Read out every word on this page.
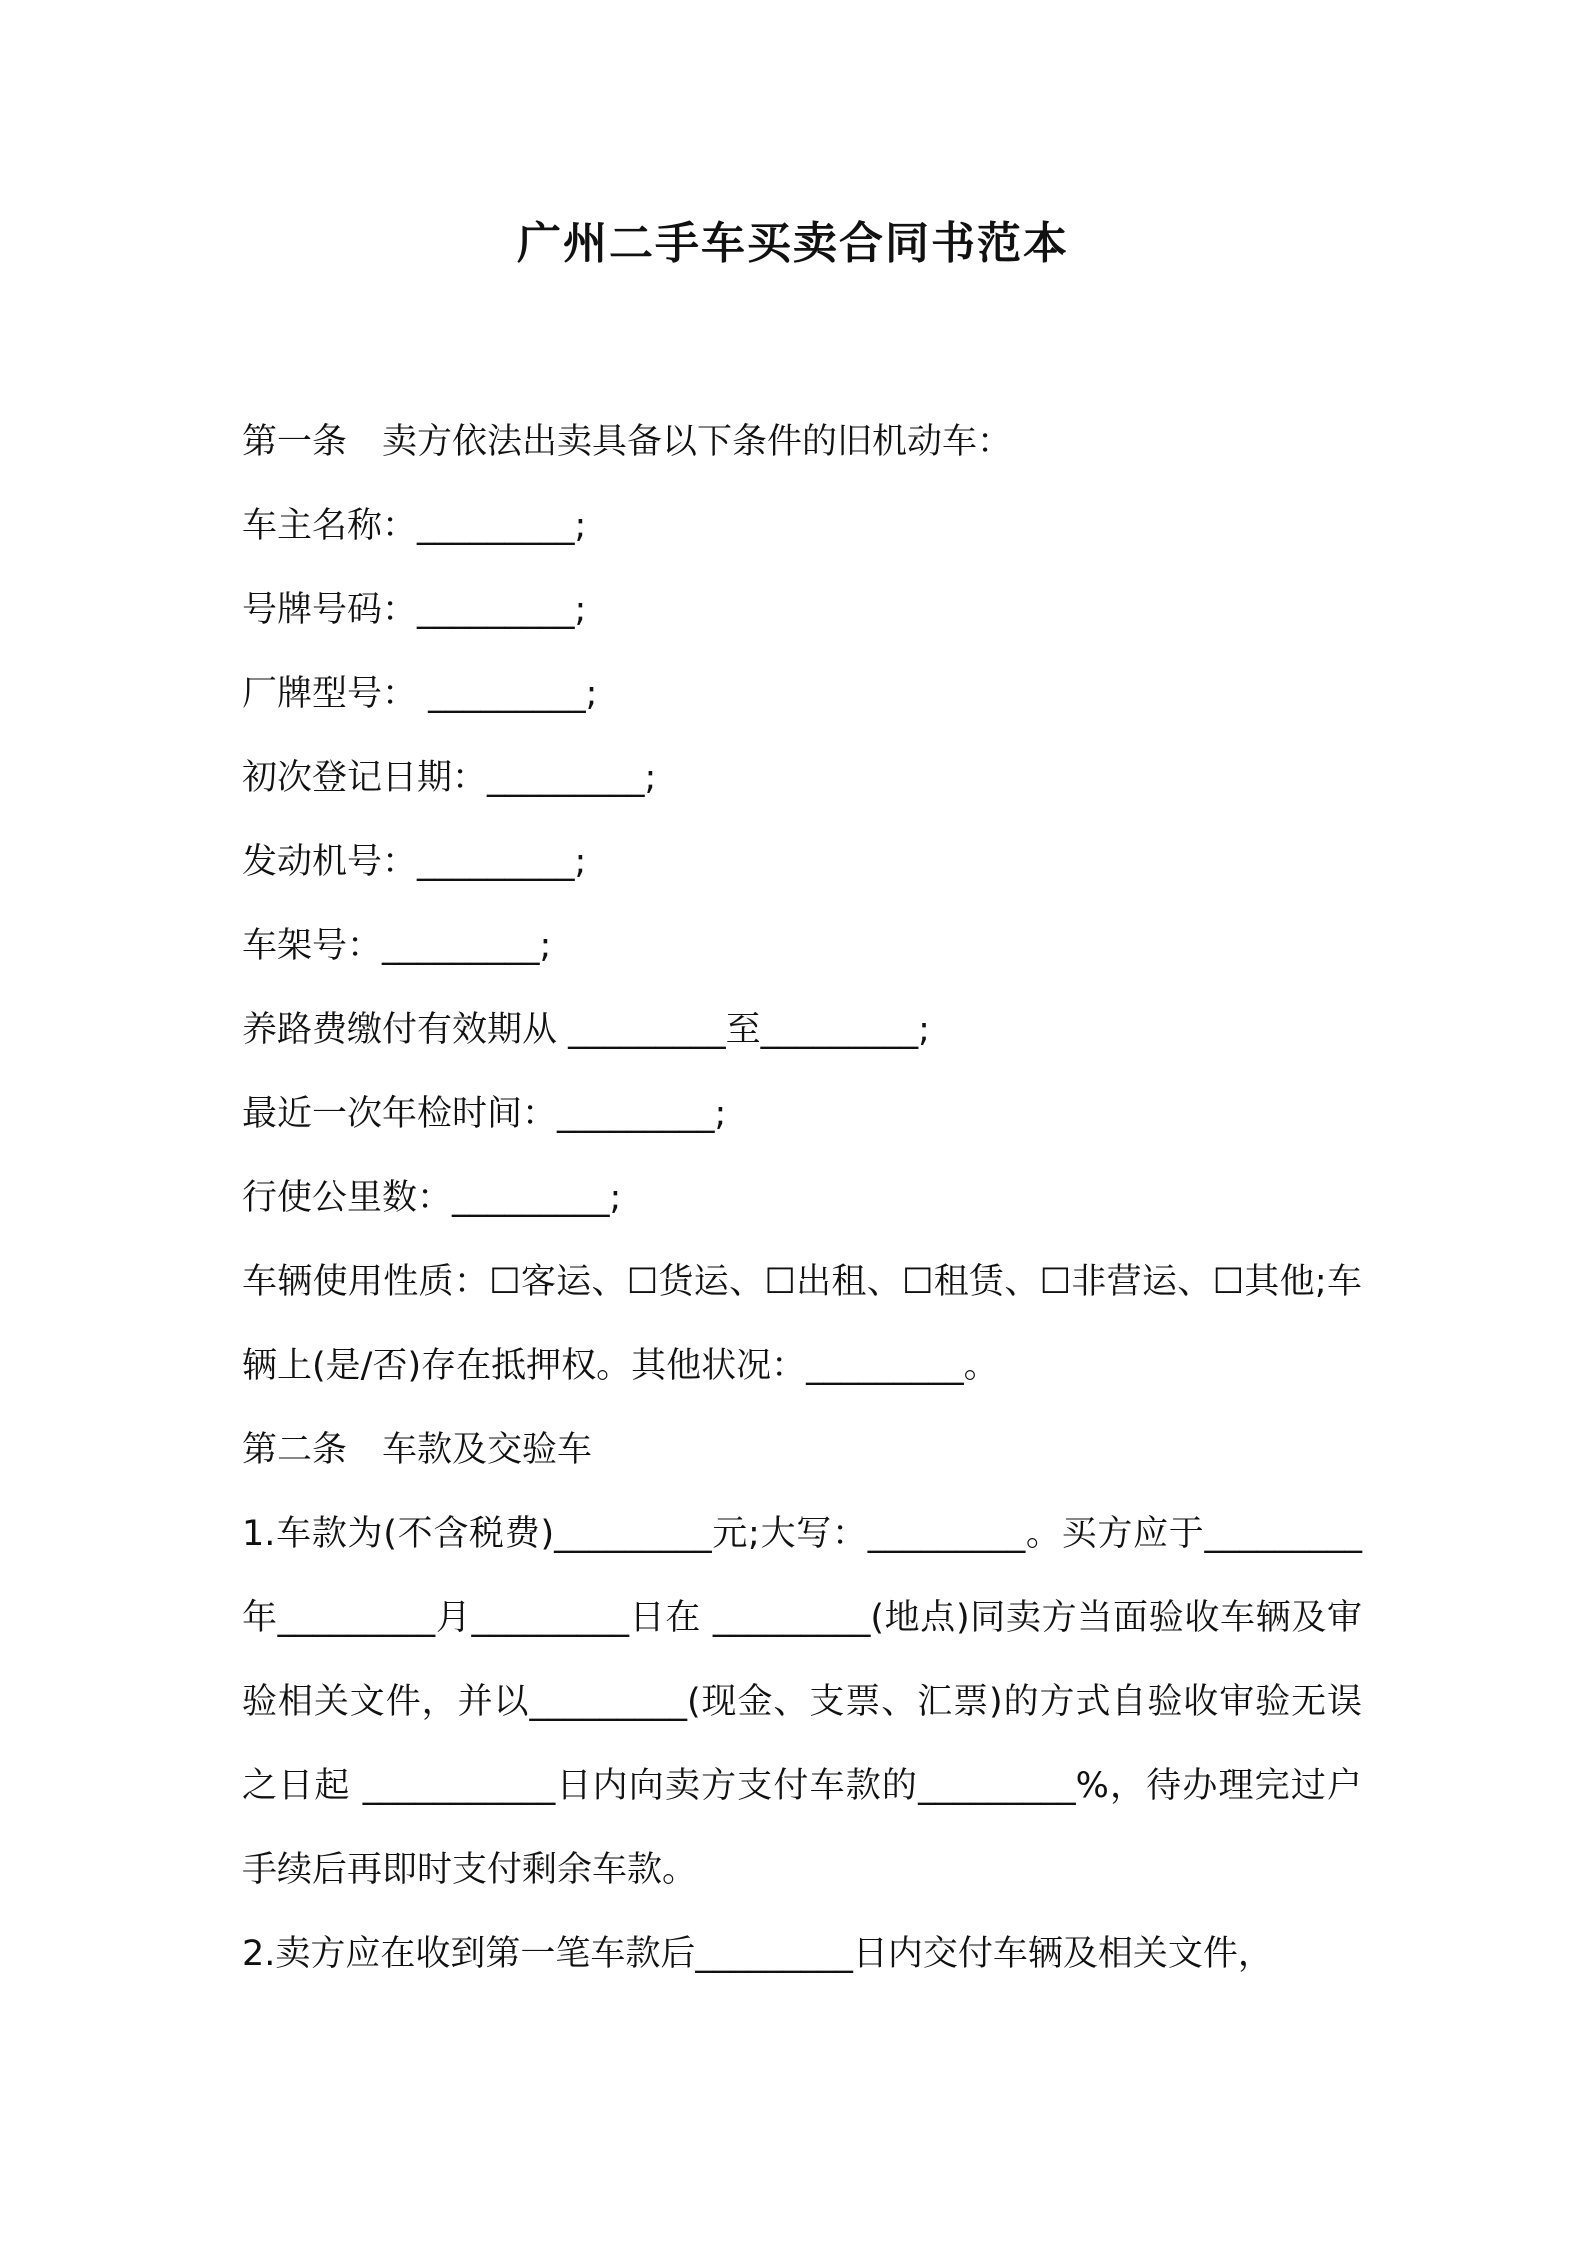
广州二手车买卖合同书范本
第一条　卖方依法出卖具备以下条件的旧机动车：
车主名称：_________;
号牌号码：_________;
厂牌型号： _________;
初次登记日期：_________;
发动机号：_________;
车架号：_________;
养路费缴付有效期从 _________至_________;
最近一次年检时间：_________;
行使公里数：_________;
车辆使用性质：☐客运、☐货运、☐出租、☐租赁、☐非营运、☐其他;车辆上(是/否)存在抵押权。其他状况：_________。
第二条　车款及交验车
1.车款为(不含税费)_________元;大写：_________。买方应于_________年_________月_________日在 _________(地点)同卖方当面验收车辆及审验相关文件，并以_________(现金、支票、汇票)的方式自验收审验无误之日起 ___________日内向卖方支付车款的_________%，待办理完过户手续后再即时支付剩余车款。
2.卖方应在收到第一笔车款后_________日内交付车辆及相关文件，
